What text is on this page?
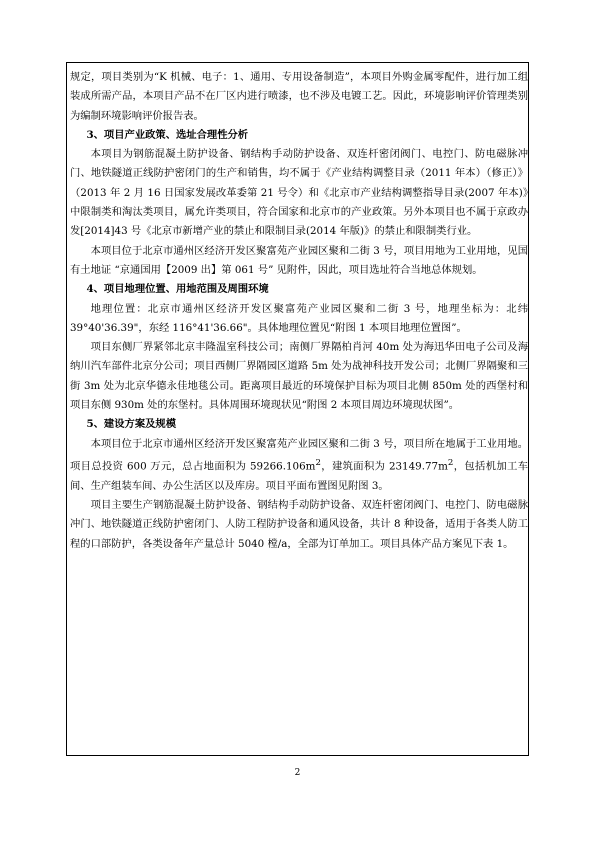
规定，项目类别为“K 机械、电子：1、通用、专用设备制造”，本项目外购金属零配件，进行加工组装成所需产品，本项目产品不在厂区内进行喷漆，也不涉及电镀工艺。因此，环境影响评价管理类别为编制环境影响评价报告表。

3、项目产业政策、选址合理性分析

本项目为钢筋混凝土防护设备、钢结构手动防护设备、双连杆密闭阀门、电控门、防电磁脉冲门、地铁隧道正线防护密闭门的生产和销售，均不属于《产业结构调整目录（2011 年本）（修正）》（2013 年 2 月 16 日国家发展改革委第 21 号令）和《北京市产业结构调整指导目录(2007 年本)》中限制类和淘汰类项目，属允许类项目，符合国家和北京市的产业政策。另外本项目也不属于京政办发[2014]43 号《北京市新增产业的禁止和限制目录(2014 年版)》的禁止和限制类行业。

本项目位于北京市通州区经济开发区聚富苑产业园区聚和二街 3 号，项目用地为工业用地，见国有土地证 “京通国用【2009 出】第 061 号” 见附件，因此，项目选址符合当地总体规划。

4、项目地理位置、用地范围及周围环境

地理位置：北京市通州区经济开发区聚富苑产业园区聚和二街 3 号，地理坐标为：北纬 39°40'36.39"，东经 116°41'36.66"。具体地理位置见“附图 1 本项目地理位置图”。

项目东侧厂界紧邻北京丰隆温室科技公司；南侧厂界隔柏肖河 40m 处为海迅华田电子公司及海纳川汽车部件北京分公司；项目西侧厂界隔园区道路 5m 处为战神科技开发公司；北侧厂界隔聚和三街 3m 处为北京华德永佳地毯公司。距离项目最近的环境保护目标为项目北侧 850m 处的西堡村和项目东侧 930m 处的东堡村。具体周围环境现状见“附图 2 本项目周边环境现状图”。

5、建设方案及规模

本项目位于北京市通州区经济开发区聚富苑产业园区聚和二街 3 号，项目所在地属于工业用地。项目总投资 600 万元，总占地面积为 $59266.106m^2$，建筑面积为 $23149.77m^2$，包括机加工车间、生产组装车间、办公生活区以及库房。项目平面布置图见附图 3。

项目主要生产钢筋混凝土防护设备、钢结构手动防护设备、双连杆密闭阀门、电控门、防电磁脉冲门、地铁隧道正线防护密闭门、人防工程防护设备和通风设备，共计 8 种设备，适用于各类人防工程的口部防护，各类设备年产量总计 5040 樘/a，全部为订单加工。项目具体产品方案见下表 1。

2
